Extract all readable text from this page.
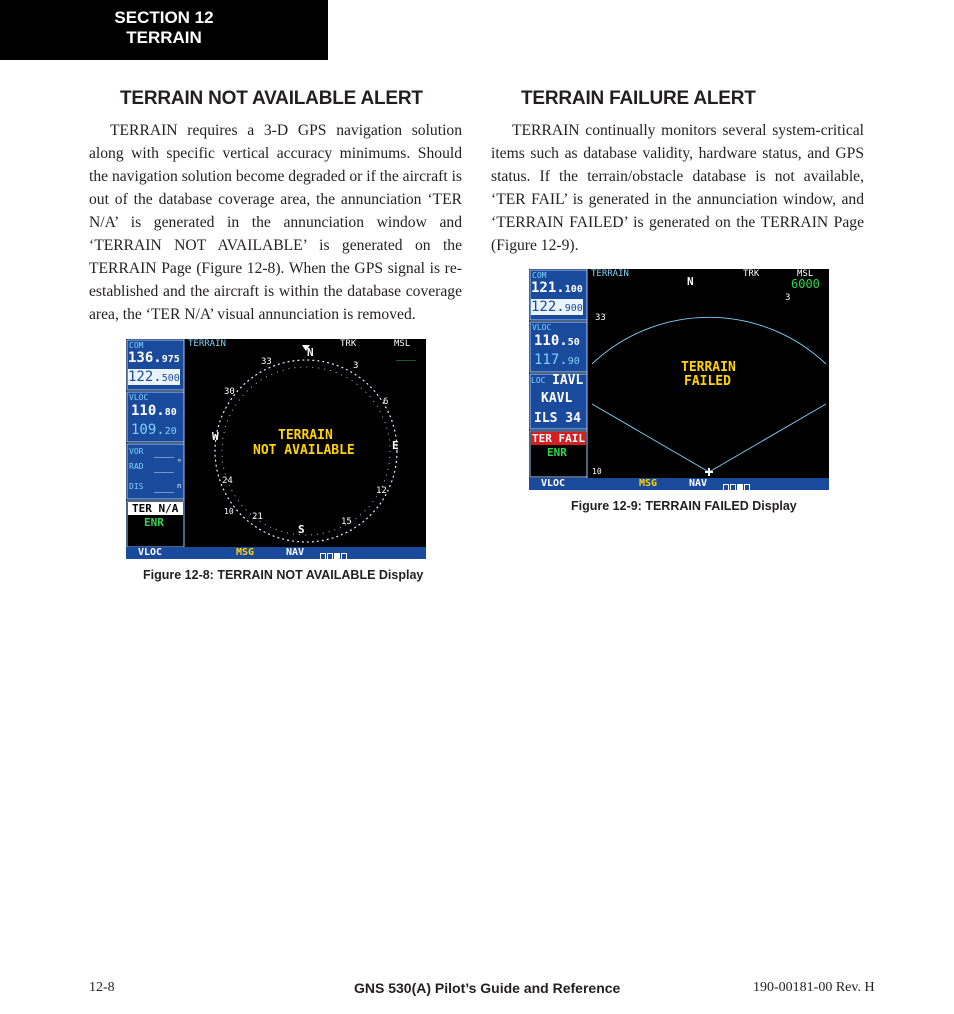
SECTION 12
TERRAIN
TERRAIN NOT AVAILABLE ALERT

TERRAIN requires a 3-D GPS navigation solution along with specific vertical accuracy minimums. Should the navigation solution become degraded or if the aircraft is out of the database coverage area, the annunciation ‘TER N/A’ is generated in the annunciation window and ‘TERRAIN NOT AVAILABLE’ is generated on the TERRAIN Page (Figure 12-8). When the GPS signal is re-established and the aircraft is within the database coverage area, the ‘TER N/A’ visual annunciation is removed.

TERRAIN FAILURE ALERT

TERRAIN continually monitors several system-critical items such as database validity, hardware status, and GPS status. If the terrain/obstacle database is not available, ‘TER FAIL’ is generated in the annunciation window, and ‘TERRAIN FAILED’ is generated on the TERRAIN Page (Figure 12-9).

COM
136.975
122.500
VLOC
110.80
109.20
VOR ___
RAD ___ °
DIS ___ n
TER N/A
ENR
TERRAIN	TRK	MSL
___
TERRAIN
NOT AVAILABLE
N
3
6
E
12
15
S
21
24
W
30
33
10
VLOC	MSG	NAV
Figure 12-8: TERRAIN NOT AVAILABLE Display
COM
121.100
122.900
VLOC
110.50
117.90
LOC IAVL
KAVL
ILS 34
TER FAIL
ENR
TERRAIN	TRK	MSL
6000
TERRAIN
FAILED
N
3
33
10
VLOC	MSG	NAV
Figure 12-9: TERRAIN FAILED Display
12-8	GNS 530(A) Pilot’s Guide and Reference	190-00181-00 Rev. H
